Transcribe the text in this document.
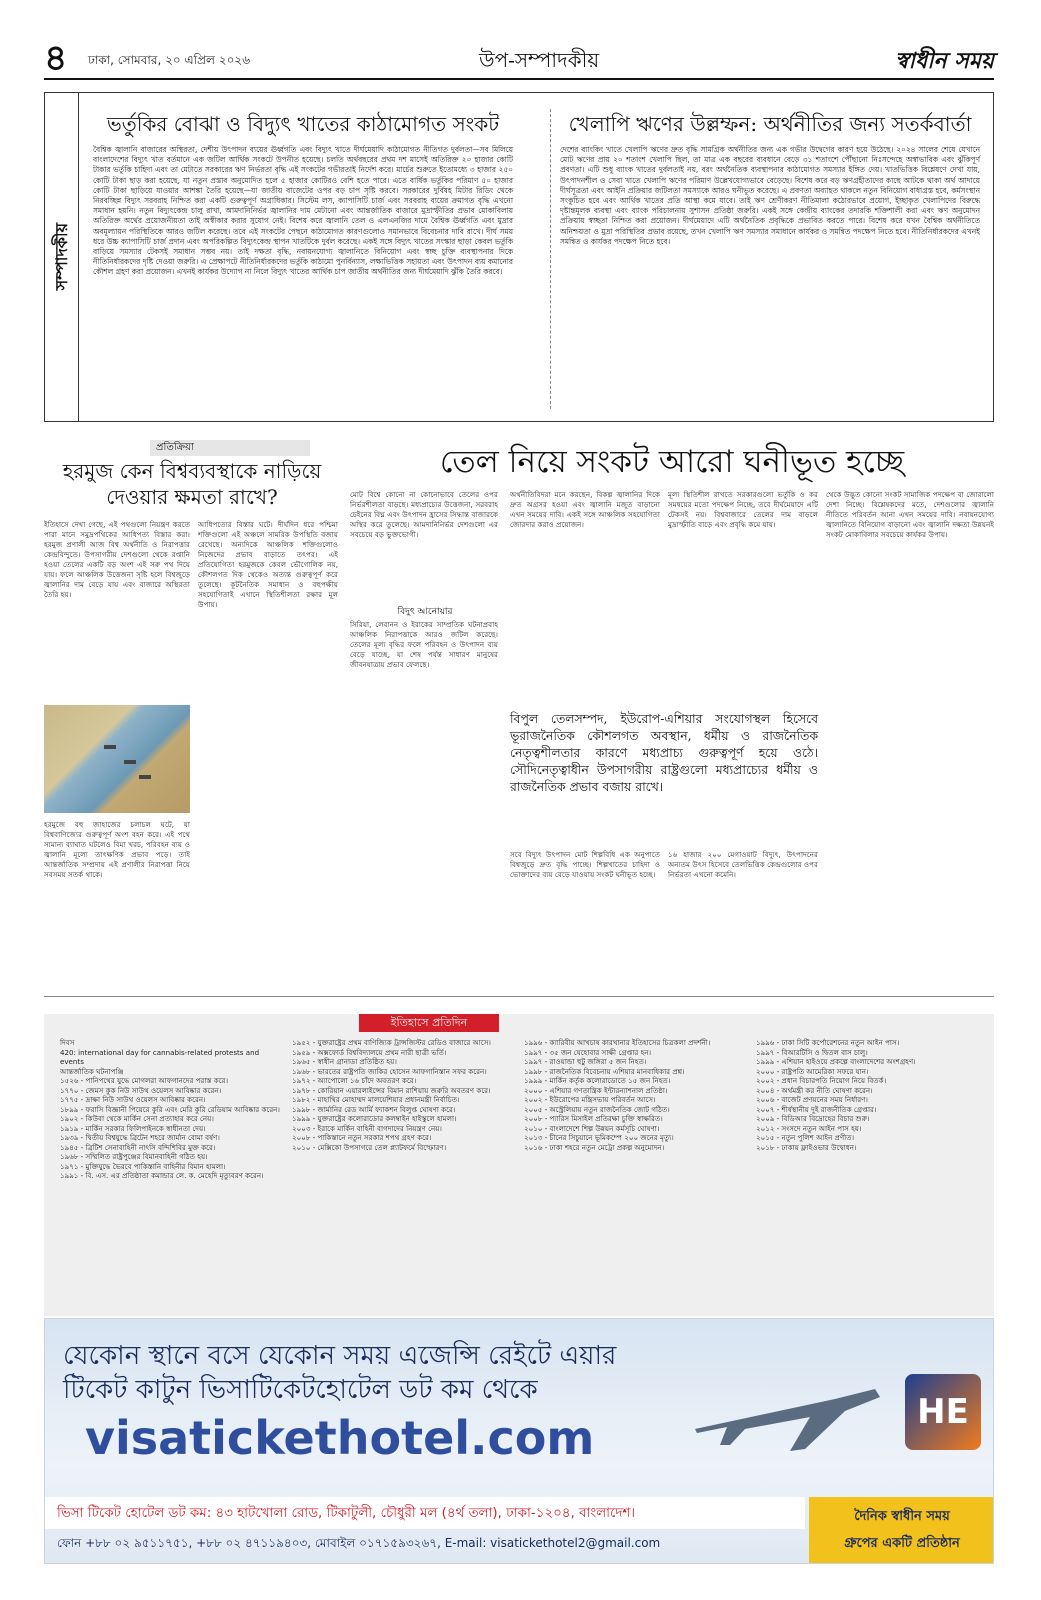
৪ ঢাকা, সোমবার, ২০ এপ্রিল ২০২৬	উপ-সম্পাদকীয়	স্বাধীন সময়
সম্পাদকীয়
ভর্তুকির বোঝা ও বিদ্যুৎ খাতের কাঠামোগত সংকট

বৈশ্বিক জ্বালানি বাজারের অস্থিরতা, দেশীয় উৎপাদন ব্যয়ের ঊর্ধ্বগতি এবং বিদ্যুৎ খাতে দীর্ঘমেয়াদি কাঠামোগত নীতিগত দুর্বলতা—সব মিলিয়ে বাংলাদেশের বিদ্যুৎ খাত বর্তমানে এক জটিল আর্থিক সংকটে উপনীত হয়েছে। চলতি অর্থবছরের প্রথম দশ মাসেই অতিরিক্ত ২০ হাজার কোটি টাকার ভর্তুকি চাহিদা এবং তা মেটাতে সরকারের ঋণ নির্ভরতা বৃদ্ধি এই সংকটের গভীরতাই নির্দেশ করে। মার্চের শুরুতে ইতোমধ্যে ৩ হাজার ২৫০ কোটি টাকা ছাড় করা হয়েছে, যা নতুন প্রস্তাব অনুমোদিত হলে ৫ হাজার কোটিরও বেশি হতে পারে। এতে বার্ষিক ভর্তুকির পরিমাণ ৫০ হাজার কোটি টাকা ছাড়িয়ে যাওয়ার আশঙ্কা তৈরি হয়েছে—যা জাতীয় বাজেটের ওপর বড় চাপ সৃষ্টি করবে। সরকারের দুর্বিষহ মিটার রিডিং থেকে নিরবচ্ছিন্ন বিদ্যুৎ সরবরাহ নিশ্চিত করা একটি গুরুত্বপূর্ণ অগ্রাধিকার। সিস্টেম লস, ক্যাপাসিটি চার্জ এবং সরবরাহ ব্যয়ের ক্রমাগত বৃদ্ধি এখনো সমাধান হয়নি। নতুন বিদ্যুৎকেন্দ্র চালু রাখা, আমদানিনির্ভর জ্বালানির দাম মেটানো এবং আন্তর্জাতিক বাজারে মুদ্রাস্ফীতির প্রভাব মোকাবিলায় অতিরিক্ত অর্থের প্রয়োজনীয়তা তাই অস্বীকার করার সুযোগ নেই। বিশেষ করে জ্বালানি তেল ও এলএনজির দামে বৈশ্বিক ঊর্ধ্বগতি এবং মুদ্রার অবমূল্যায়ন পরিস্থিতিকে আরও জটিল করেছে। তবে এই সংকটের পেছনে কাঠামোগত কারণগুলোও সমানভাবে বিবেচনার দাবি রাখে। দীর্ঘ সময় ধরে উচ্চ ক্যাপাসিটি চার্জ প্রদান এবং অপরিকল্পিত বিদ্যুৎকেন্দ্র স্থাপন খাতটিকে দুর্বল করেছে। একই সঙ্গে বিদ্যুৎ খাতের সংস্কার ছাড়া কেবল ভর্তুকি বাড়িয়ে সমস্যার টেকসই সমাধান সম্ভব নয়। তাই দক্ষতা বৃদ্ধি, নবায়নযোগ্য জ্বালানিতে বিনিয়োগ এবং স্বচ্ছ চুক্তি ব্যবস্থাপনার দিকে নীতিনির্ধারকদের দৃষ্টি দেওয়া জরুরি। এ প্রেক্ষাপটে নীতিনির্ধারকদের ভর্তুকি কাঠামো পুনর্বিন্যাস, লক্ষ্যভিত্তিক সহায়তা এবং উৎপাদন ব্যয় কমানোর কৌশল গ্রহণ করা প্রয়োজন। এখনই কার্যকর উদ্যোগ না নিলে বিদ্যুৎ খাতের আর্থিক চাপ জাতীয় অর্থনীতির জন্য দীর্ঘমেয়াদি ঝুঁকি তৈরি করবে।

খেলাপি ঋণের উল্লম্ফন: অর্থনীতির জন্য সতর্কবার্তা

দেশের ব্যাংকিং খাতে খেলাপি ঋণের দ্রুত বৃদ্ধি সামগ্রিক অর্থনীতির জন্য এক গভীর উদ্বেগের কারণ হয়ে উঠেছে। ২০২৪ সালের শেষে যেখানে মোট ঋণের প্রায় ২০ শতাংশ খেলাপি ছিল, তা মাত্র এক বছরের ব্যবধানে বেড়ে ৩১ শতাংশে পৌঁছানো নিঃসন্দেহে অস্বাভাবিক এবং ঝুঁকিপূর্ণ প্রবণতা। এটি শুধু ব্যাংক খাতের দুর্বলতাই নয়, বরং অর্থনৈতিক ব্যবস্থাপনার কাঠামোগত সমস্যার ইঙ্গিত দেয়। খাতভিত্তিক বিশ্লেষণে দেখা যায়, উৎপাদনশীল ও সেবা খাতে খেলাপি ঋণের পরিমাণ উল্লেখযোগ্যভাবে বেড়েছে। বিশেষ করে বড় ঋণগ্রহীতাদের কাছে আটকে থাকা অর্থ আদায়ে দীর্ঘসূত্রতা এবং আইনি প্রক্রিয়ার জটিলতা সমস্যাকে আরও ঘনীভূত করেছে। এ প্রবণতা অব্যাহত থাকলে নতুন বিনিয়োগ বাধাগ্রস্ত হবে, কর্মসংস্থান সংকুচিত হবে এবং আর্থিক খাতের প্রতি আস্থা কমে যাবে। তাই ঋণ শ্রেণীকরণ নীতিমালা কঠোরভাবে প্রয়োগ, ইচ্ছাকৃত খেলাপিদের বিরুদ্ধে দৃষ্টান্তমূলক ব্যবস্থা এবং ব্যাংক পরিচালনায় সুশাসন প্রতিষ্ঠা জরুরি। একই সঙ্গে কেন্দ্রীয় ব্যাংকের তদারকি শক্তিশালী করা এবং ঋণ অনুমোদন প্রক্রিয়ায় স্বচ্ছতা নিশ্চিত করা প্রয়োজন। দীর্ঘমেয়াদে এটি অর্থনৈতিক প্রবৃদ্ধিকে প্রভাবিত করতে পারে। বিশেষ করে যখন বৈশ্বিক অর্থনীতিতে অনিশ্চয়তা ও মুদ্রা পরিস্থিতির প্রভাব রয়েছে, তখন খেলাপি ঋণ সমস্যার সমাধানে কার্যকর ও সমন্বিত পদক্ষেপ নিতে হবে। নীতিনির্ধারকদের এখনই সমন্বিত ও কার্যকর পদক্ষেপ নিতে হবে।

প্রতিক্রিয়া
হরমুজ কেন বিশ্বব্যবস্থাকে নাড়িয়ে দেওয়ার ক্ষমতা রাখে?
ইতিহাসে দেখা গেছে, এই পথগুলো নিয়ন্ত্রণ করতে পারা মানে সমুদ্রপথিকের আধিপত্য বিস্তার করা। হরমুজ প্রণালী আজ বিশ্ব অর্থনীতি ও নিরাপত্তার কেন্দ্রবিন্দুতে। উপসাগরীয় দেশগুলো থেকে রপ্তানি হওয়া তেলের একটি বড় অংশ এই সরু পথ দিয়ে যায়। ফলে আঞ্চলিক উত্তেজনা সৃষ্টি হলে বিশ্বজুড়ে জ্বালানির দাম বেড়ে যায় এবং বাজারে অস্থিরতা তৈরি হয়।
হরমুজে বহু জাহাজের চলাচল ঘটে, যা বিশ্ববাণিজ্যের গুরুত্বপূর্ণ অংশ বহন করে। এই পথে সামান্য ব্যাঘাত ঘটলেও বিমা খরচ, পরিবহন ব্যয় ও জ্বালানি মূল্যে তাৎক্ষণিক প্রভাব পড়ে। তাই আন্তর্জাতিক সম্প্রদায় এই প্রণালীর নিরাপত্তা নিয়ে সবসময় সতর্ক থাকে।
আধিপত্যের বিস্তার ঘটে। দীর্ঘদিন ধরে পশ্চিমা শক্তিগুলো এই অঞ্চলে সামরিক উপস্থিতি বজায় রেখেছে। অন্যদিকে আঞ্চলিক শক্তিগুলোও নিজেদের প্রভাব বাড়াতে তৎপর। এই প্রতিযোগিতা হরমুজকে কেবল ভৌগোলিক নয়, কৌশলগত দিক থেকেও অত্যন্ত গুরুত্বপূর্ণ করে তুলেছে। কূটনৈতিক সমাধান ও বহুপক্ষীয় সহযোগিতাই এখানে স্থিতিশীলতা রক্ষার মূল উপায়।
তেল নিয়ে সংকট আরো ঘনীভূত হচ্ছে
মোট বিশ্বে কোনো না কোনোভাবে তেলের ওপর নির্ভরশীলতা বাড়ছে। মধ্যপ্রাচ্যের উত্তেজনা, সরবরাহ চেইনের বিঘ্ন এবং উৎপাদন হ্রাসের সিদ্ধান্ত বাজারকে অস্থির করে তুলেছে। আমদানিনির্ভর দেশগুলো এর সবচেয়ে বড় ভুক্তভোগী।
বিদুৎ আনোয়ার
সিরিয়া, লেবানন ও ইরাকের সাম্প্রতিক ঘটনাপ্রবাহ আঞ্চলিক নিরাপত্তাকে আরও জটিল করেছে। তেলের মূল্য বৃদ্ধির ফলে পরিবহন ও উৎপাদন ব্যয় বেড়ে যাচ্ছে, যা শেষ পর্যন্ত সাধারণ মানুষের জীবনযাত্রায় প্রভাব ফেলছে।
অর্থনীতিবিদরা মনে করছেন, বিকল্প জ্বালানির দিকে দ্রুত অগ্রসর হওয়া এবং জ্বালানি মজুত বাড়ানো এখন সময়ের দাবি। একই সঙ্গে আঞ্চলিক সহযোগিতা জোরদার করাও প্রয়োজন।
মূল্য স্থিতিশীল রাখতে সরকারগুলো ভর্তুকি ও কর সমন্বয়ের মতো পদক্ষেপ নিচ্ছে, তবে দীর্ঘমেয়াদে এটি টেকসই নয়। বিশ্ববাজারে তেলের দাম বাড়লে মুদ্রাস্ফীতি বাড়ে এবং প্রবৃদ্ধি কমে যায়।
থেকে উদ্ভূত কোনো সংকট সামাজিক পদক্ষেপ বা জোরালো দেশা নিচ্ছে। বিশ্লেষকদের মতে, দেশগুলোর জ্বালানি নীতিতে পরিবর্তন আনা এখন সময়ের দাবি। নবায়নযোগ্য জ্বালানিতে বিনিয়োগ বাড়ানো এবং জ্বালানি দক্ষতা উন্নয়নই সংকট মোকাবিলার সবচেয়ে কার্যকর উপায়।
বিপুল তেলসম্পদ, ইউরোপ-এশিয়ার সংযোগস্থল হিসেবে ভূরাজনৈতিক কৌশলগত অবস্থান, ধর্মীয় ও রাজনৈতিক নেতৃত্বশীলতার কারণে মধ্যপ্রাচ্য গুরুত্বপূর্ণ হয়ে ওঠে। সৌদিনেতৃত্বাধীন উপসাগরীয় রাষ্ট্রগুলো মধ্যপ্রাচ্যের ধর্মীয় ও রাজনৈতিক প্রভাব বজায় রাখে।
সবে বিদ্যুৎ উৎপাদন মোট শিল্পবিধি এক অনুপাতে বিশ্বজুড়ে দ্রুত বৃদ্ধি পাচ্ছে। শিল্পখাতের চাহিদা ও ভোক্তাদের ব্যয় বেড়ে যাওয়ায় সংকট ঘনীভূত হচ্ছে।
১৬ হাজার ২০০ মেগাওয়াট বিদ্যুৎ, উৎপাদনের অন্যতম উৎস হিসেবে তেলভিত্তিক কেন্দ্রগুলোর ওপর নির্ভরতা এখনো কমেনি।
ইতিহাসে প্রতিদিন
দিবস
420: international day for cannabis-related protests and events
আন্তর্জাতিক ঘটনাপঞ্জি
১৫২৬ - পানিপথের যুদ্ধে মোগলরা আফগানদের পরাস্ত করে।
১৭৭০ - জেমস কুক নিউ সাউথ ওয়েলস আবিষ্কার করেন।
১৭৭৫ - দ্রাক্ষা নিউ সাউথ ওয়েলস আবিষ্কার করেন।
১৮৯৯ - ফরাসি বিজ্ঞানী পিয়েরে কুরি এবং মেরি কুরি রেডিয়াম আবিষ্কার করেন।
১৯০২ - কিউবা থেকে মার্কিন সেনা প্রত্যাহার করে নেয়।
১৯১৯ - মার্কিন সরকার ফিলিপাইনকে স্বাধীনতা দেয়।
১৯৩৯ - দ্বিতীয় বিশ্বযুদ্ধে ব্রিটেন শহরে জার্মান বোমা বর্ষণ।
১৯৪৫ - ব্রিটিশ সেনাবাহিনী নাৎসি বন্দিশিবির মুক্ত করে।
১৯৬৮ - সম্মিলিত রাষ্ট্রপুঞ্জের বিমানবাহিনী গঠিত হয়।
১৯৭১ - মুক্তিযুদ্ধে ভৈরবে পাকিস্তানি বাহিনীর বিমান হামলা।
১৯৯১ - বি. এস. এর প্রতিষ্ঠাতা কমান্ডার লে. ক. মেহেদি মৃত্যুবরণ করেন।
১৯৫২ - যুক্তরাষ্ট্রের প্রথম বাণিজ্যিক ট্রান্সজিস্টর রেডিও বাজারে আসে।
১৯৫৯ - অক্সফোর্ড বিশ্ববিদ্যালয়ে প্রথম নারী ছাত্রী ভর্তি।
১৯৬৫ - স্বাধীন গ্রানাডা প্রতিষ্ঠিত হয়।
১৯৬৮ - ভারতের রাষ্ট্রপতি জাকির হোসেন আফগানিস্তান সফর করেন।
১৯৭২ - অ্যাপোলো ১৬ চাঁদে অবতরণ করে।
১৯৭৮ - কোরিয়ান এয়ারলাইন্সের বিমান রাশিয়ায় জরুরি অবতরণ করে।
১৯৮২ - মাহাথির মোহাম্মদ মালয়েশিয়ার প্রধানমন্ত্রী নির্বাচিত।
১৯৯৮ - জার্মানির রেড আর্মি ফ্যাকশন বিলুপ্ত ঘোষণা করে।
১৯৯৯ - যুক্তরাষ্ট্রের কলোরাডোর কলম্বাইন হাইস্কুলে হামলা।
২০০৩ - ইরাকে মার্কিন বাহিনী বাগদাদের নিয়ন্ত্রণ নেয়।
২০০৮ - পাকিস্তানে নতুন সরকার শপথ গ্রহণ করে।
২০১০ - মেক্সিকো উপসাগরে তেল প্ল্যাটফর্মে বিস্ফোরণ।
১৯৯৬ - ক্যারিবীয় আখচাষ কারখানার ইতিহাসের চিত্রকলা প্রদর্শনী।
১৯৯৭ - ৩৫ জন যেহোবার সাক্ষী গ্রেপ্তার হন।
১৯৯৭ - রাওয়ান্ডা হুটু জঙ্গিরা ৫ জন নিহত।
১৯৯৮ - রাজনৈতিক বিবেচনায় এশিয়ার মানবাধিকার প্রশ্ন।
১৯৯৯ - মার্কিন কর্তৃক কলোরাডোতে ১৫ জন নিহত।
২০০০ - এশিয়ার গণতান্ত্রিক ইন্টারন্যাশনাল প্রতিষ্ঠা।
২০০২ - ইউরোপের মন্ত্রিসভায় পরিবর্তন আসে।
২০০৫ - অস্ট্রেলিয়ায় নতুন রাজনৈতিক জোট গঠিত।
২০০৮ - প্যারিস মিসাইল প্রতিরক্ষা চুক্তি স্বাক্ষরিত।
২০১০ - বাংলাদেশে শিল্প উন্নয়ন কর্মসূচি ঘোষণা।
২০১৩ - চীনের সিচুয়ানে ভূমিকম্পে ২০০ জনের মৃত্যু।
২০১৬ - ঢাকা শহরে নতুন মেট্রো প্রকল্প অনুমোদন।
১৯৯৬ - ঢাকা সিটি কর্পোরেশনের নতুন আইন পাস।
১৯৯৭ - বিআরটিসি ও দ্বিতল বাস চালু।
১৯৯৯ - এশিয়ান হাইওয়ে প্রকল্পে বাংলাদেশের অংশগ্রহণ।
২০০০ - রাষ্ট্রপতি আমেরিকা সফরে যান।
২০০২ - প্রধান বিচারপতি নিয়োগ নিয়ে বিতর্ক।
২০০৪ - অর্থমন্ত্রী কর নীতি ঘোষণা করেন।
২০০৬ - বাজেট প্রণয়নের সময় নির্ধারণ।
২০০৭ - শীর্ষস্থানীয় দুই রাজনীতিক গ্রেপ্তার।
২০০৯ - বিডিআর বিদ্রোহের বিচার শুরু।
২০১২ - সংসদে নতুন আইন পাস হয়।
২০১৫ - নতুন পুলিশ আইন প্রণীত।
২০১৮ - ঢাকায় ফ্লাইওভার উদ্বোধন।
যেকোন স্থানে বসে যেকোন সময় এজেন্সি রেইটে এয়ার
টিকেট কাটুন ভিসাটিকেটহোটেল ডট কম থেকে
visatickethotel.com	HE
ভিসা টিকেট হোটেল ডট কম: ৪৩ হাটখোলা রোড, টিকাটুলী, চৌধুরী মল (৪র্থ তলা), ঢাকা-১২০৪, বাংলাদেশ।
ফোন +৮৮ ০২ ৯৫১১৭৫১, +৮৮ ০২ ৪৭১১৯৪০৩, মোবাইল ০১৭১৫৯৩২৬৭, E-mail: visatickethotel2@gmail.com
দৈনিক স্বাধীন সময়
গ্রুপের একটি প্রতিষ্ঠান
